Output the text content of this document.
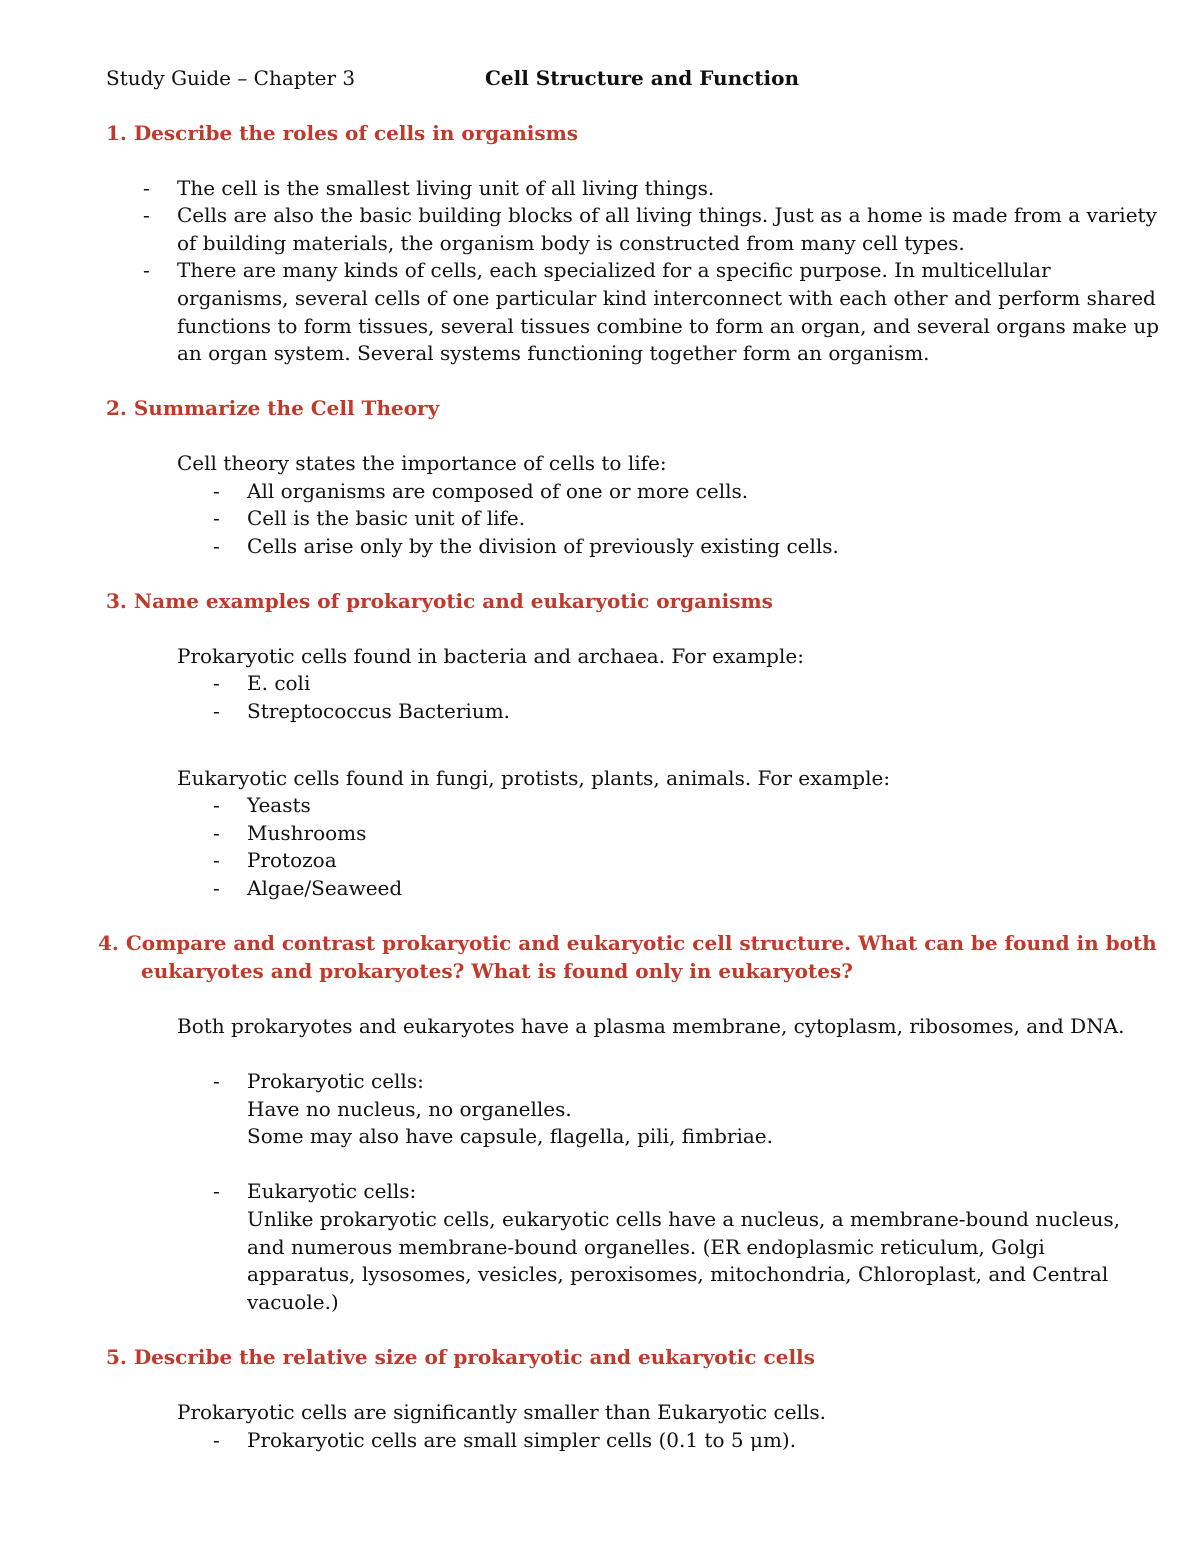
Study Guide – Chapter 3	Cell Structure and Function
1. Describe the roles of cells in organisms
- The cell is the smallest living unit of all living things.
- Cells are also the basic building blocks of all living things. Just as a home is made from a variety
of building materials, the organism body is constructed from many cell types.
- There are many kinds of cells, each specialized for a specific purpose. In multicellular
organisms, several cells of one particular kind interconnect with each other and perform shared
functions to form tissues, several tissues combine to form an organ, and several organs make up
an organ system. Several systems functioning together form an organism.
2. Summarize the Cell Theory
Cell theory states the importance of cells to life:
- All organisms are composed of one or more cells.
- Cell is the basic unit of life.
- Cells arise only by the division of previously existing cells.
3. Name examples of prokaryotic and eukaryotic organisms
Prokaryotic cells found in bacteria and archaea. For example:
- E. coli
- Streptococcus Bacterium.
Eukaryotic cells found in fungi, protists, plants, animals. For example:
- Yeasts
- Mushrooms
- Protozoa
- Algae/Seaweed
4. Compare and contrast prokaryotic and eukaryotic cell structure. What can be found in both
eukaryotes and prokaryotes? What is found only in eukaryotes?
Both prokaryotes and eukaryotes have a plasma membrane, cytoplasm, ribosomes, and DNA.
- Prokaryotic cells:
Have no nucleus, no organelles.
Some may also have capsule, flagella, pili, fimbriae.
- Eukaryotic cells:
Unlike prokaryotic cells, eukaryotic cells have a nucleus, a membrane-bound nucleus,
and numerous membrane-bound organelles. (ER endoplasmic reticulum, Golgi
apparatus, lysosomes, vesicles, peroxisomes, mitochondria, Chloroplast, and Central
vacuole.)
5. Describe the relative size of prokaryotic and eukaryotic cells
Prokaryotic cells are significantly smaller than Eukaryotic cells.
- Prokaryotic cells are small simpler cells (0.1 to 5 μm).
